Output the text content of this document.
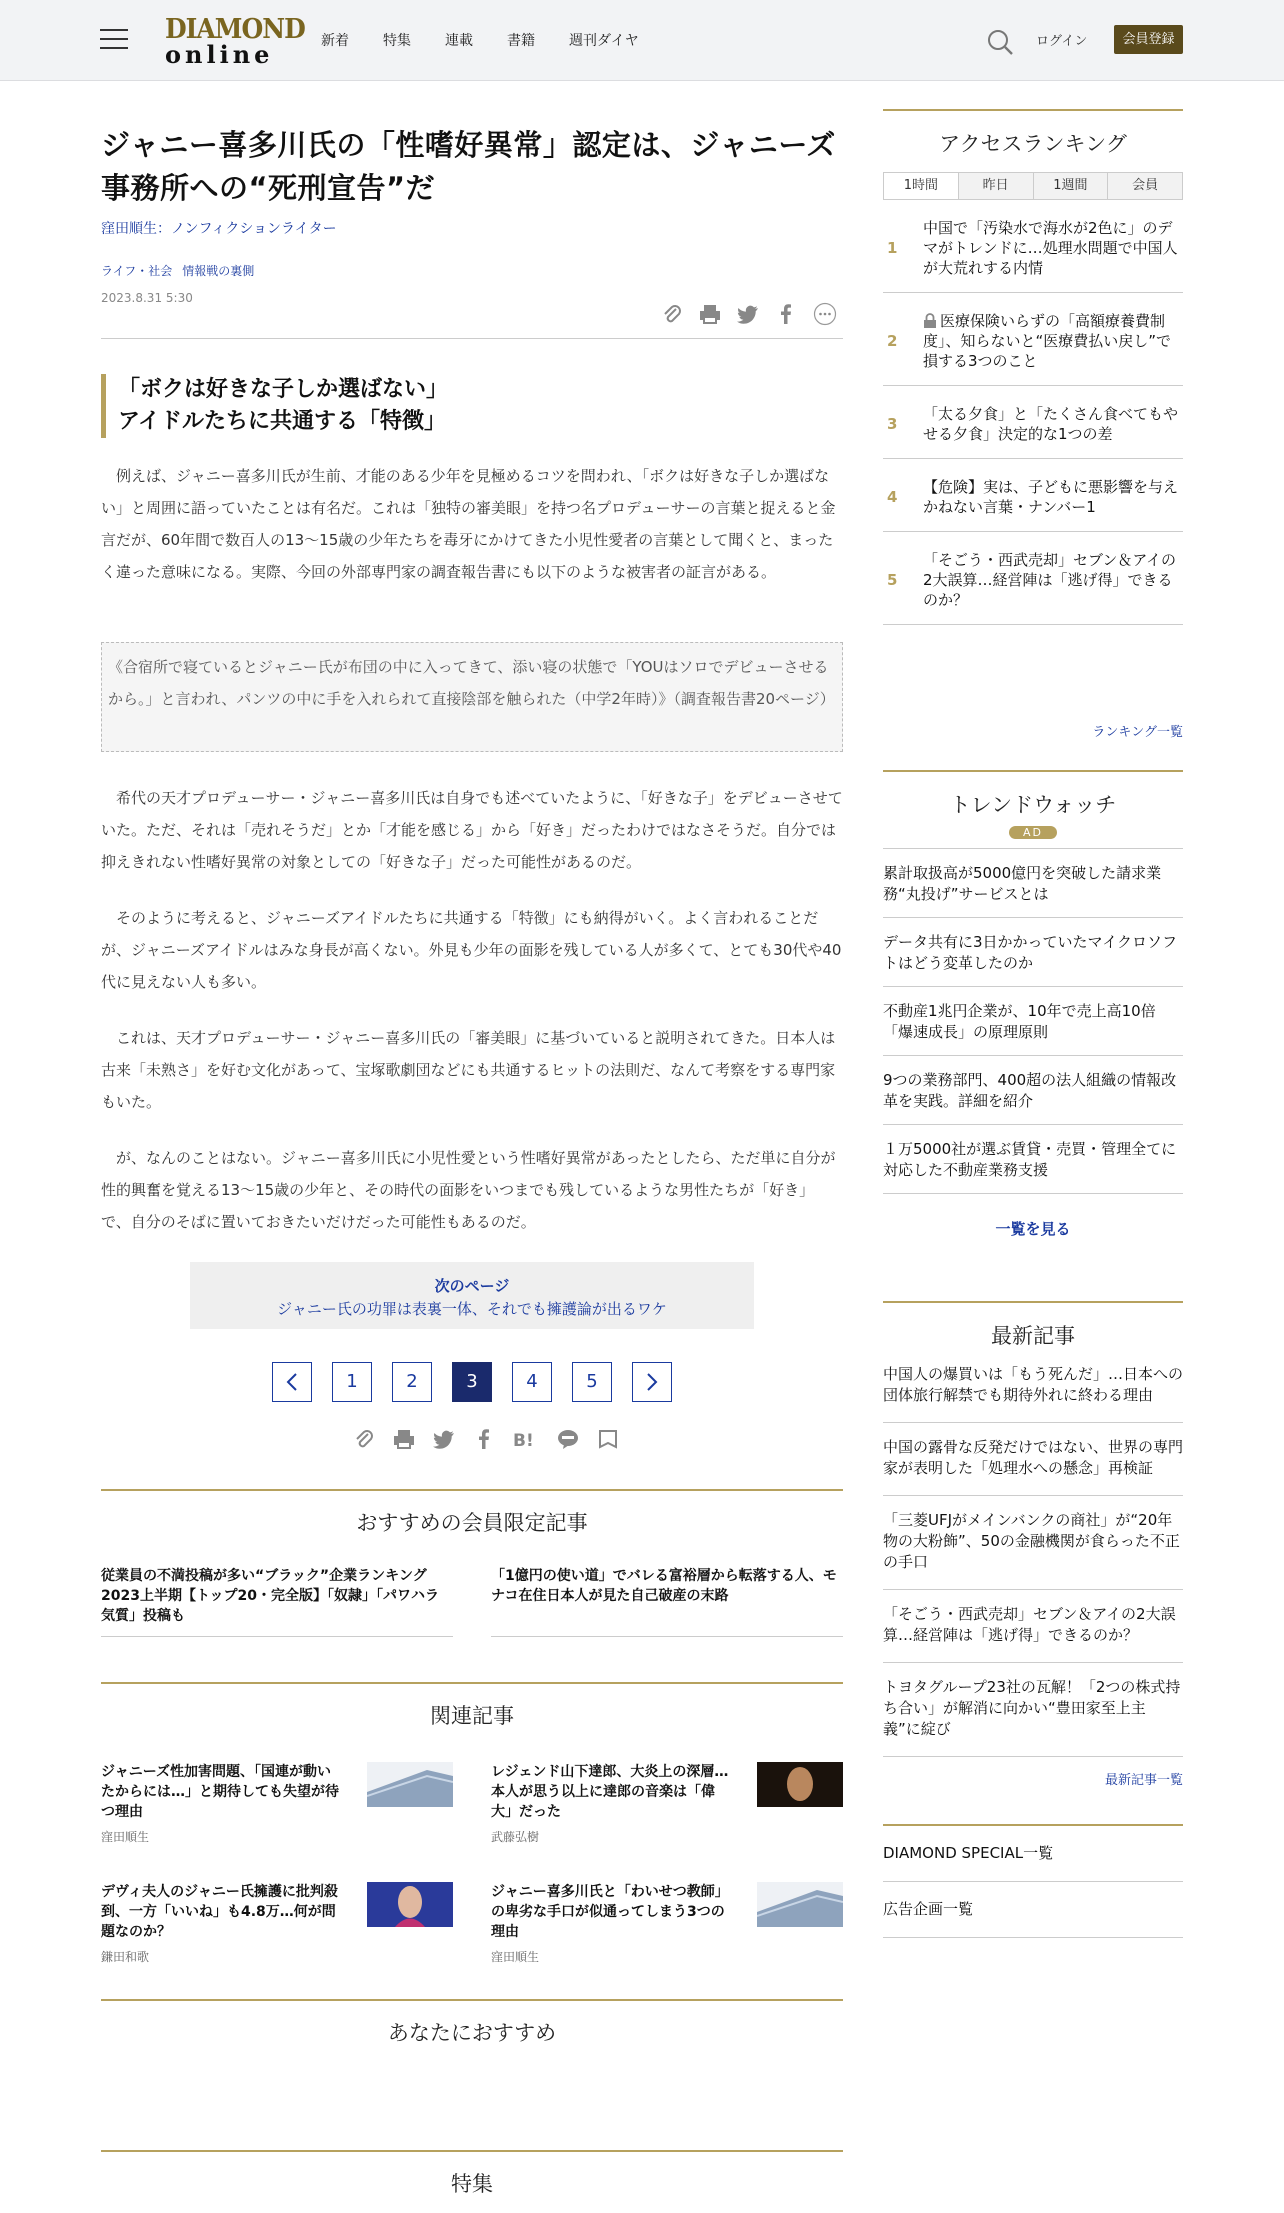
DIAMOND
online	新着 特集 連載 書籍 週刊ダイヤ	ログイン	会員登録
ジャニー喜多川氏の「性嗜好異常」認定は、ジャニーズ事務所への“死刑宣告”だ
窪田順生：ノンフィクションライター
ライフ・社会 情報戦の裏側
2023.8.31 5:30
「ボクは好きな子しか選ばない」
アイドルたちに共通する「特徴」

例えば、ジャニー喜多川氏が生前、才能のある少年を見極めるコツを問われ、「ボクは好きな子しか選ばない」と周囲に語っていたことは有名だ。これは「独特の審美眼」を持つ名プロデューサーの言葉と捉えると金言だが、60年間で数百人の13～15歳の少年たちを毒牙にかけてきた小児性愛者の言葉として聞くと、まったく違った意味になる。実際、今回の外部専門家の調査報告書にも以下のような被害者の証言がある。

《合宿所で寝ているとジャニー氏が布団の中に入ってきて、添い寝の状態で「YOUはソロでデビューさせるから。」と言われ、パンツの中に手を入れられて直接陰部を触られた（中学2年時）》（調査報告書20ページ）

希代の天才プロデューサー・ジャニー喜多川氏は自身でも述べていたように、「好きな子」をデビューさせていた。ただ、それは「売れそうだ」とか「才能を感じる」から「好き」だったわけではなさそうだ。自分では抑えきれない性嗜好異常の対象としての「好きな子」だった可能性があるのだ。

そのように考えると、ジャニーズアイドルたちに共通する「特徴」にも納得がいく。よく言われることだが、ジャニーズアイドルはみな身長が高くない。外見も少年の面影を残している人が多くて、とても30代や40代に見えない人も多い。

これは、天才プロデューサー・ジャニー喜多川氏の「審美眼」に基づいていると説明されてきた。日本人は古来「未熟さ」を好む文化があって、宝塚歌劇団などにも共通するヒットの法則だ、なんて考察をする専門家もいた。

が、なんのことはない。ジャニー喜多川氏に小児性愛という性嗜好異常があったとしたら、ただ単に自分が性的興奮を覚える13～15歳の少年と、その時代の面影をいつまでも残しているような男性たちが「好き」で、自分のそばに置いておきたいだけだった可能性もあるのだ。

次のページ
ジャニー氏の功罪は表裏一体、それでも擁護論が出るワケ
1	2	3	4	5
B!
おすすめの会員限定記事
従業員の不満投稿が多い“ブラック”企業ランキング2023上半期【トップ20・完全版】「奴隷」「パワハラ気質」投稿も
「1億円の使い道」でバレる富裕層から転落する人、モナコ在住日本人が見た自己破産の末路
関連記事
ジャニーズ性加害問題、「国連が動いたからには…」と期待しても失望が待つ理由
窪田順生
レジェンド山下達郎、大炎上の深層…本人が思う以上に達郎の音楽は「偉大」だった
武藤弘樹
デヴィ夫人のジャニー氏擁護に批判殺到、一方「いいね」も4.8万…何が問題なのか？
鎌田和歌
ジャニー喜多川氏と「わいせつ教師」の卑劣な手口が似通ってしまう3つの理由
窪田順生
あなたにおすすめ
特集
アクセスランキング
1時間	昨日	1週間	会員
1
中国で「汚染水で海水が2色に」のデマがトレンドに…処理水問題で中国人が大荒れする内情
2
医療保険いらずの「高額療養費制度」、知らないと“医療費払い戻し”で損する3つのこと
3
「太る夕食」と「たくさん食べてもやせる夕食」決定的な1つの差
4
【危険】実は、子どもに悪影響を与えかねない言葉・ナンバー1
5
「そごう・西武売却」セブン＆アイの2大誤算…経営陣は「逃げ得」できるのか？
ランキング一覧
トレンドウォッチ
AD
累計取扱高が5000億円を突破した請求業務“丸投げ”サービスとは
データ共有に3日かかっていたマイクロソフトはどう変革したのか
不動産1兆円企業が、10年で売上高10倍「爆速成長」の原理原則
9つの業務部門、400超の法人組織の情報改革を実践。詳細を紹介
１万5000社が選ぶ賃貸・売買・管理全てに対応した不動産業務支援
一覧を見る
最新記事
中国人の爆買いは「もう死んだ」…日本への団体旅行解禁でも期待外れに終わる理由
中国の露骨な反発だけではない、世界の専門家が表明した「処理水への懸念」再検証
「三菱UFJがメインバンクの商社」が“20年物の大粉飾”、50の金融機関が食らった不正の手口
「そごう・西武売却」セブン＆アイの2大誤算…経営陣は「逃げ得」できるのか？
トヨタグループ23社の瓦解！「2つの株式持ち合い」が解消に向かい“豊田家至上主義”に綻び
最新記事一覧
DIAMOND SPECIAL一覧
広告企画一覧
